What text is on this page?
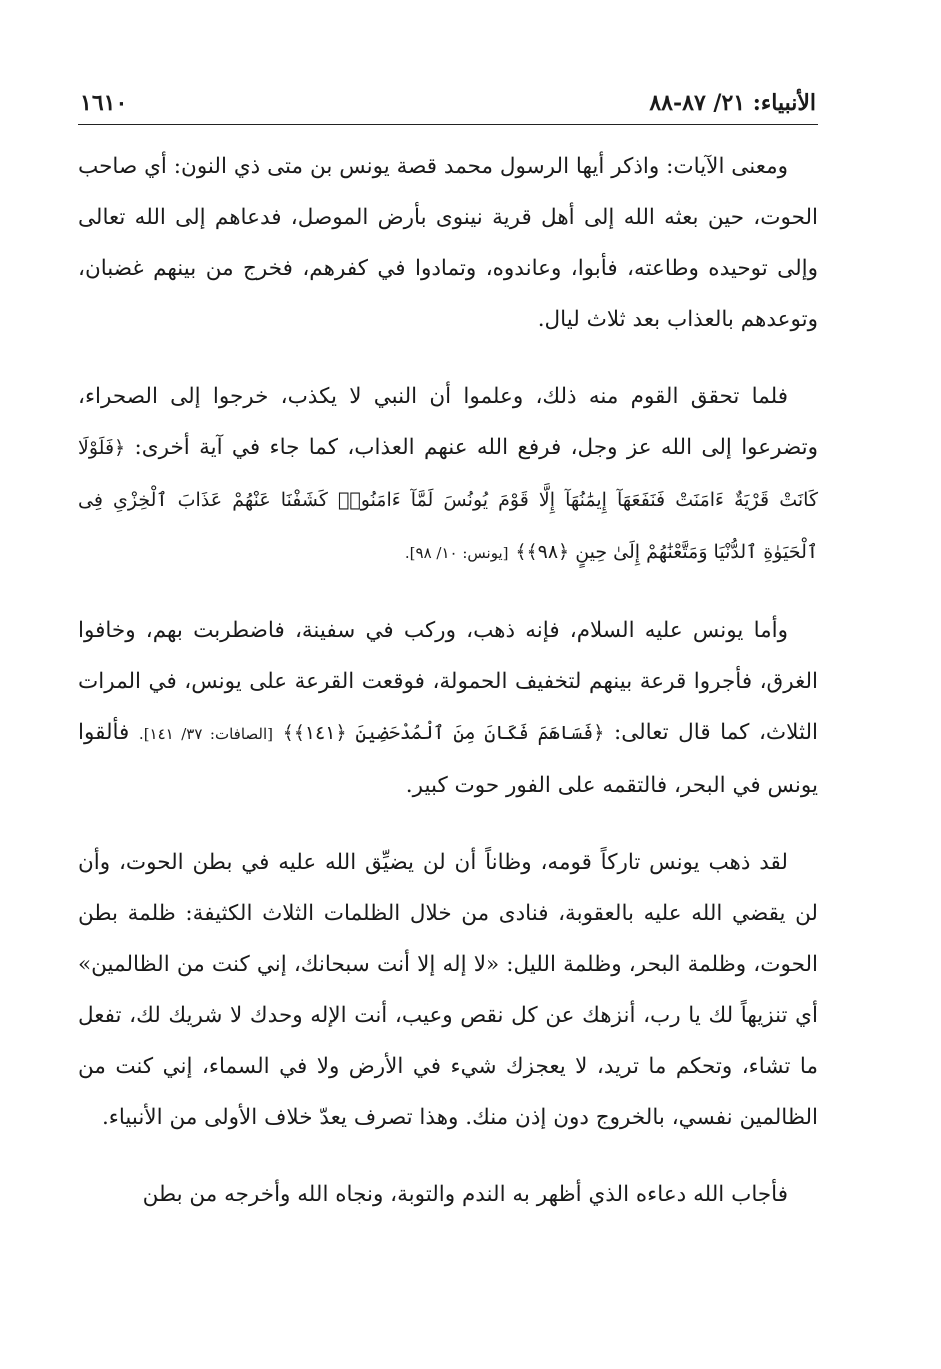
الأنبياء: ٢١/ ٨٧-٨٨
١٦١٠

ومعنى الآيات: واذكر أيها الرسول محمد قصة يونس بن متى ذي النون: أي صاحب الحوت، حين بعثه الله إلى أهل قرية نينوى بأرض الموصل، فدعاهم إلى الله تعالى وإلى توحيده وطاعته، فأبوا، وعاندوه، وتمادوا في كفرهم، فخرج من بينهم غضبان، وتوعدهم بالعذاب بعد ثلاث ليال.

فلما تحقق القوم منه ذلك، وعلموا أن النبي لا يكذب، خرجوا إلى الصحراء، وتضرعوا إلى الله عز وجل، فرفع الله عنهم العذاب، كما جاء في آية أخرى: ﴿فَلَوْلَا كَانَتْ قَرْيَةٌ ءَامَنَتْ فَنَفَعَهَآ إِيمَٰنُهَآ إِلَّا قَوْمَ يُونُسَ لَمَّآ ءَامَنُوا۟ كَشَفْنَا عَنْهُمْ عَذَابَ ٱلْخِزْىِ فِى ٱلْحَيَوٰةِ ٱلدُّنْيَا وَمَتَّعْنَٰهُمْ إِلَىٰ حِينٍ ﴿٩٨﴾﴾ [يونس: ١٠/ ٩٨].

وأما يونس عليه السلام، فإنه ذهب، وركب في سفينة، فاضطربت بهم، وخافوا الغرق، فأجروا قرعة بينهم لتخفيف الحمولة، فوقعت القرعة على يونس، في المرات الثلاث، كما قال تعالى: ﴿فَسَاهَمَ فَكَانَ مِنَ ٱلْمُدْحَضِينَ ﴿١٤١﴾﴾ [الصافات: ٣٧/ ١٤١]. فألقوا يونس في البحر، فالتقمه على الفور حوت كبير.

لقد ذهب يونس تاركاً قومه، وظاناً أن لن يضيِّق الله عليه في بطن الحوت، وأن لن يقضي الله عليه بالعقوبة، فنادى من خلال الظلمات الثلاث الكثيفة: ظلمة بطن الحوت، وظلمة البحر، وظلمة الليل: «لا إله إلا أنت سبحانك، إني كنت من الظالمين» أي تنزيهاً لك يا رب، أنزهك عن كل نقص وعيب، أنت الإله وحدك لا شريك لك، تفعل ما تشاء، وتحكم ما تريد، لا يعجزك شيء في الأرض ولا في السماء، إني كنت من الظالمين نفسي، بالخروج دون إذن منك. وهذا تصرف يعدّ خلاف الأولى من الأنبياء.

فأجاب الله دعاءه الذي أظهر به الندم والتوبة، ونجاه الله وأخرجه من بطن
